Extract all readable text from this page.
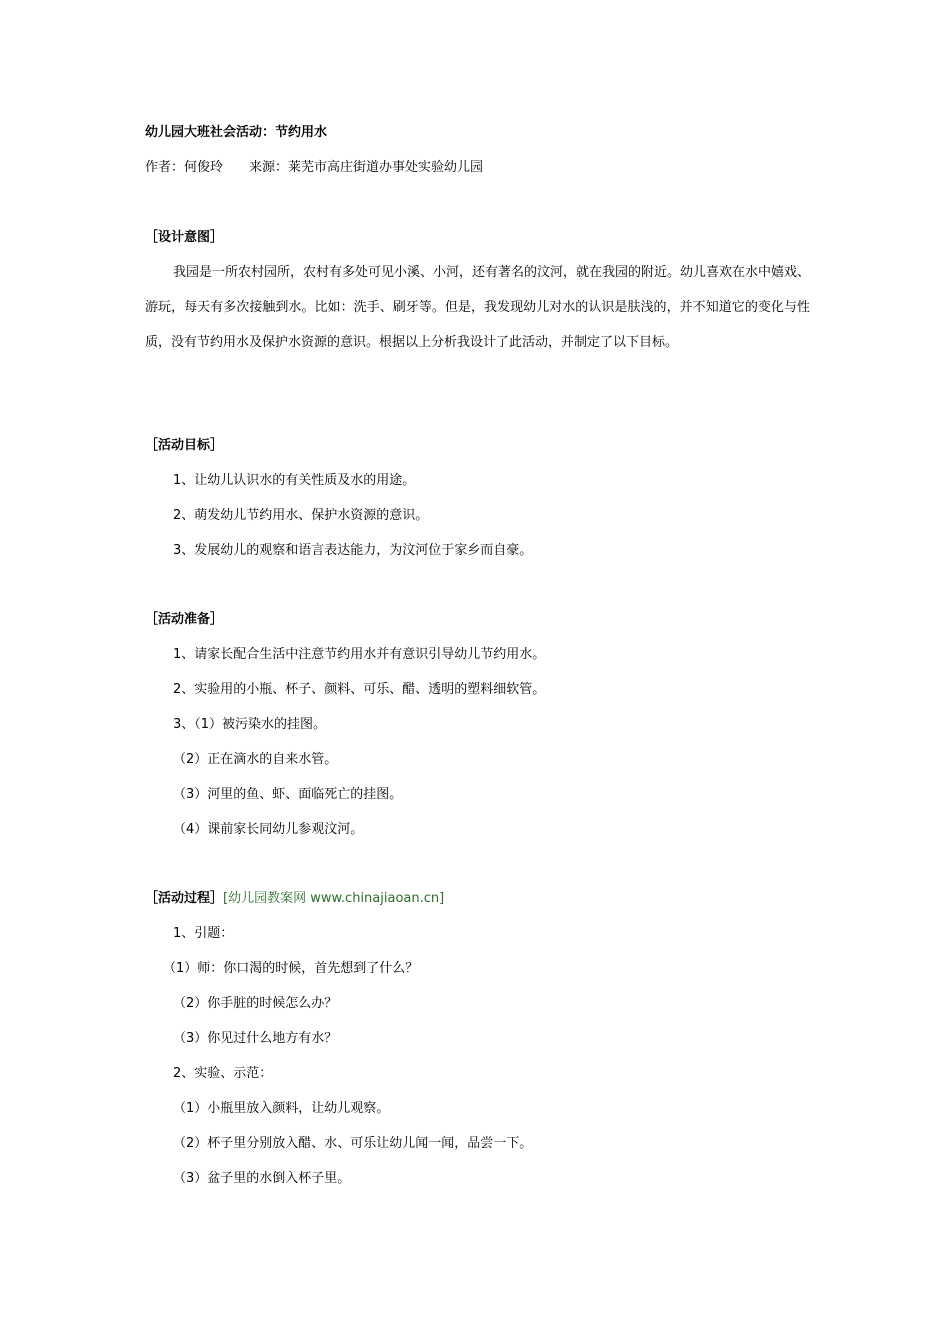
幼儿园大班社会活动：节约用水
作者：何俊玲　　来源：莱芜市高庄街道办事处实验幼儿园
［设计意图］
我园是一所农村园所，农村有多处可见小溪、小河，还有著名的汶河，就在我园的附近。幼儿喜欢在水中嬉戏、游玩，每天有多次接触到水。比如：洗手、刷牙等。但是，我发现幼儿对水的认识是肤浅的，并不知道它的变化与性质，没有节约用水及保护水资源的意识。根据以上分析我设计了此活动，并制定了以下目标。
［活动目标］
1、让幼儿认识水的有关性质及水的用途。
2、萌发幼儿节约用水、保护水资源的意识。
3、发展幼儿的观察和语言表达能力，为汶河位于家乡而自豪。
［活动准备］
1、请家长配合生活中注意节约用水并有意识引导幼儿节约用水。
2、实验用的小瓶、杯子、颜料、可乐、醋、透明的塑料细软管。
3、（1）被污染水的挂图。
（2）正在滴水的自来水管。
（3）河里的鱼、虾、面临死亡的挂图。
（4）课前家长同幼儿参观汶河。
［活动过程］[幼儿园教案网 www.chinajiaoan.cn]
1、引题：
（1）师：你口渴的时候，首先想到了什么？
（2）你手脏的时候怎么办？
（3）你见过什么地方有水？
2、实验、示范：
（1）小瓶里放入颜料，让幼儿观察。
（2）杯子里分别放入醋、水、可乐让幼儿闻一闻，品尝一下。
（3）盆子里的水倒入杯子里。
